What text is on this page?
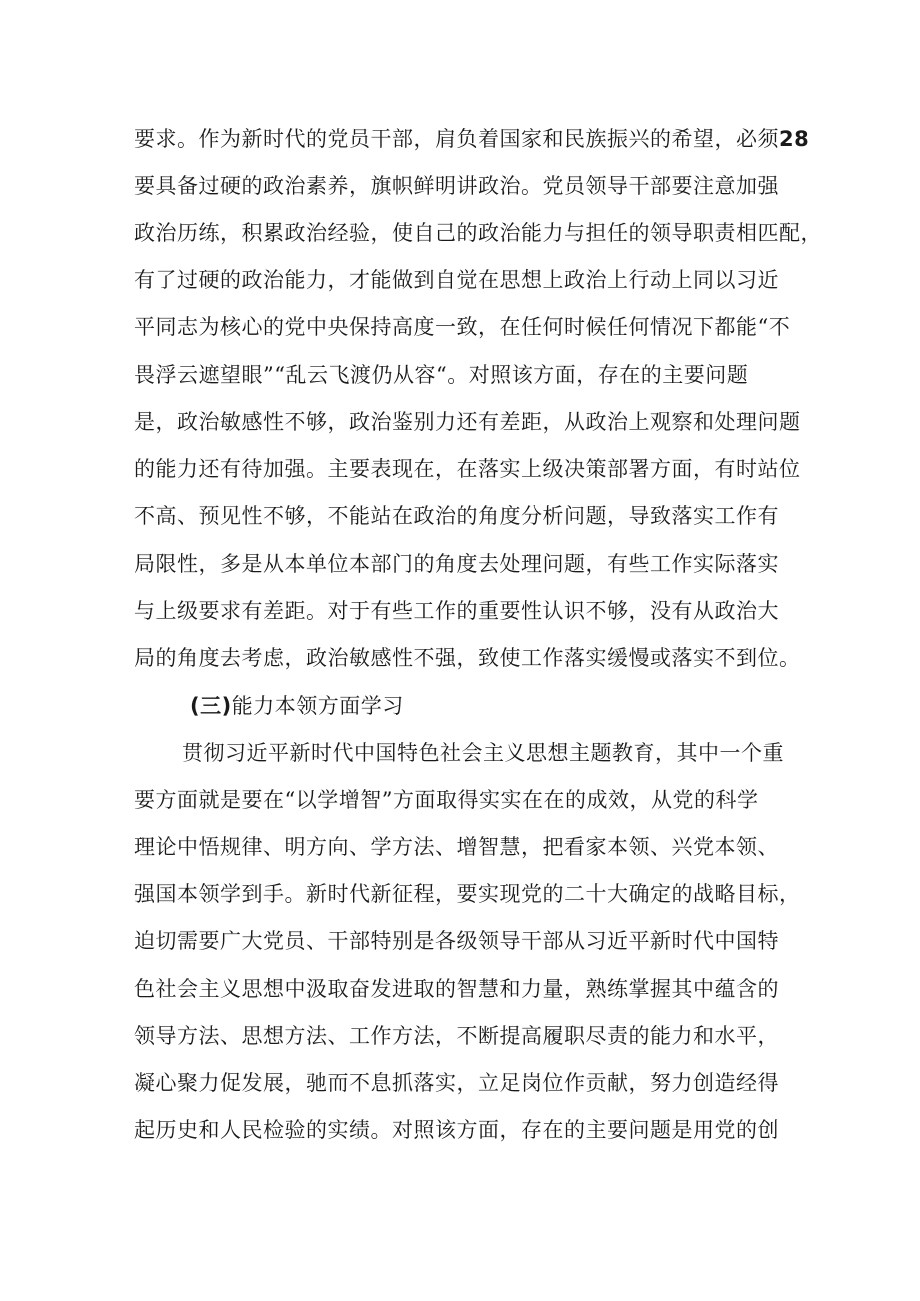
要求。作为新时代的党员干部，肩负着国家和民族振兴的希望，必须28
要具备过硬的政治素养，旗帜鲜明讲政治。党员领导干部要注意加强
政治历练，积累政治经验，使自己的政治能力与担任的领导职责相匹配，
有了过硬的政治能力，才能做到自觉在思想上政治上行动上同以习近
平同志为核心的党中央保持高度一致，在任何时候任何情况下都能“不
畏浮云遮望眼”“乱云飞渡仍从容“。对照该方面，存在的主要问题
是，政治敏感性不够，政治鉴别力还有差距，从政治上观察和处理问题
的能力还有待加强。主要表现在，在落实上级决策部署方面，有时站位
不高、预见性不够，不能站在政治的角度分析问题，导致落实工作有
局限性，多是从本单位本部门的角度去处理问题，有些工作实际落实
与上级要求有差距。对于有些工作的重要性认识不够，没有从政治大
局的角度去考虑，政治敏感性不强，致使工作落实缓慢或落实不到位。
(三)能力本领方面学习
贯彻习近平新时代中国特色社会主义思想主题教育，其中一个重
要方面就是要在“以学增智”方面取得实实在在的成效，从党的科学
理论中悟规律、明方向、学方法、增智慧，把看家本领、兴党本领、
强国本领学到手。新时代新征程，要实现党的二十大确定的战略目标，
迫切需要广大党员、干部特别是各级领导干部从习近平新时代中国特
色社会主义思想中汲取奋发进取的智慧和力量，熟练掌握其中蕴含的
领导方法、思想方法、工作方法，不断提高履职尽责的能力和水平，
凝心聚力促发展，驰而不息抓落实，立足岗位作贡献，努力创造经得
起历史和人民检验的实绩。对照该方面，存在的主要问题是用党的创
